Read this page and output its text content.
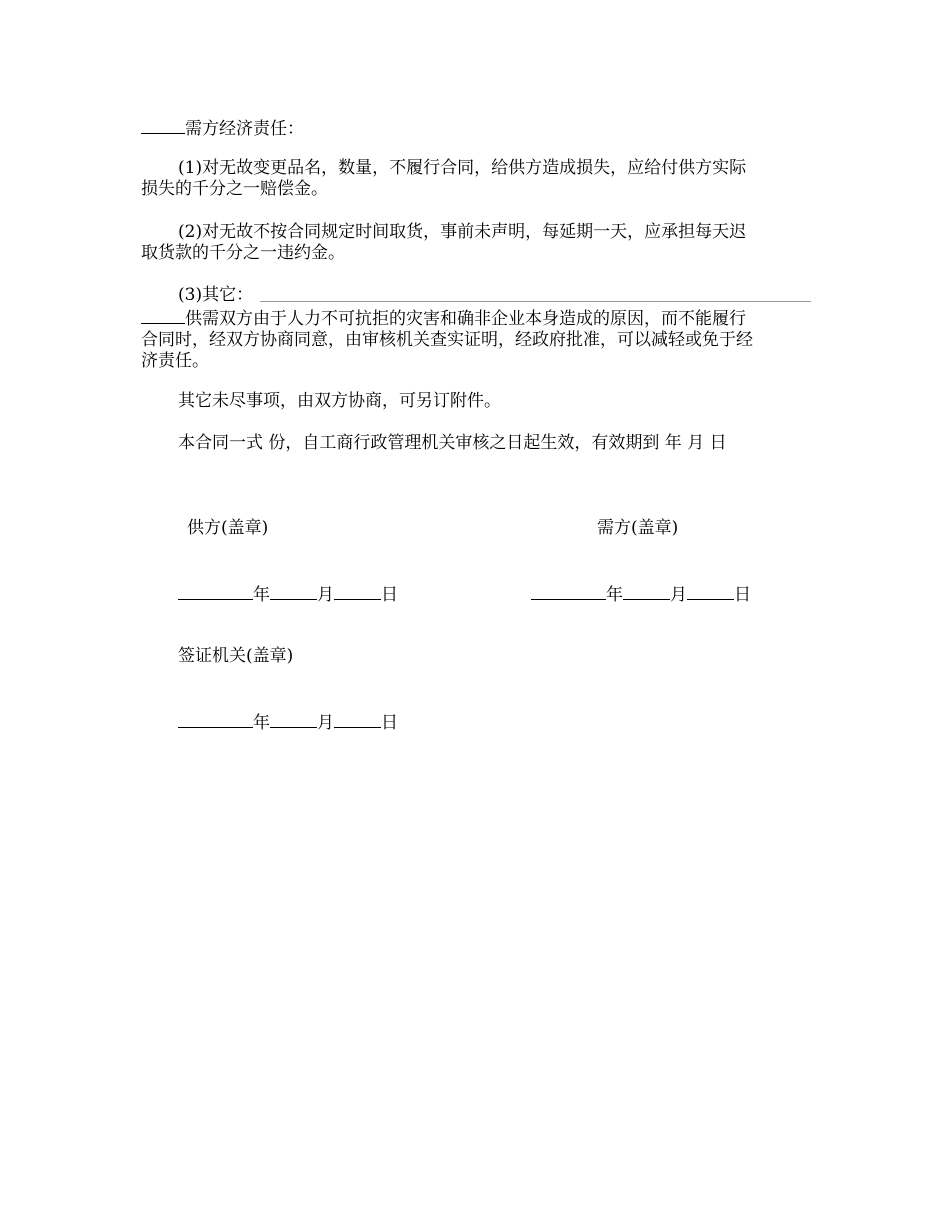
需方经济责任：
(1)对无故变更品名，数量，不履行合同，给供方造成损失，应给付供方实际
损失的千分之一赔偿金。
(2)对无故不按合同规定时间取货，事前未声明，每延期一天，应承担每天迟
取货款的千分之一违约金。
(3)其它：
供需双方由于人力不可抗拒的灾害和确非企业本身造成的原因，而不能履行
合同时，经双方协商同意，由审核机关查实证明，经政府批准，可以减轻或免于经
济责任。
其它未尽事项，由双方协商，可另订附件。
本合同一式 份，自工商行政管理机关审核之日起生效，有效期到 年 月 日
供方(盖章)	需方(盖章)
年	月	日	年	月	日
签证机关(盖章)
年	月	日
